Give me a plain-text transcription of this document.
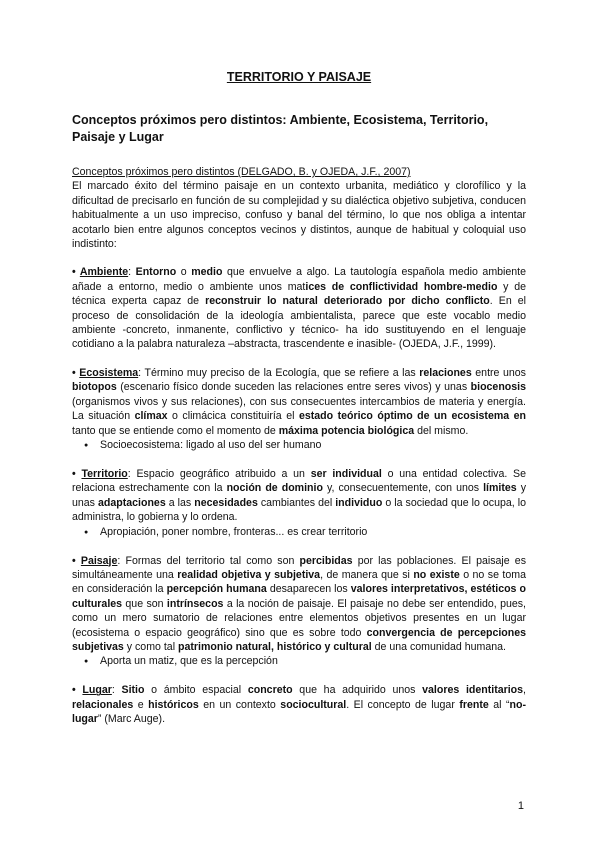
TERRITORIO Y PAISAJE
Conceptos próximos pero distintos: Ambiente, Ecosistema, Territorio, Paisaje y Lugar

Conceptos próximos pero distintos (DELGADO, B. y OJEDA, J.F., 2007)

El marcado éxito del término paisaje en un contexto urbanita, mediático y clorofílico y la dificultad de precisarlo en función de su complejidad y su dialéctica objetivo subjetiva, conducen habitualmente a un uso impreciso, confuso y banal del término, lo que nos obliga a intentar acotarlo bien entre algunos conceptos vecinos y distintos, aunque de habitual y coloquial uso indistinto:

• Ambiente: Entorno o medio que envuelve a algo. La tautología española medio ambiente añade a entorno, medio o ambiente unos matices de conflictividad hombre-medio y de técnica experta capaz de reconstruir lo natural deteriorado por dicho conflicto. En el proceso de consolidación de la ideología ambientalista, parece que este vocablo medio ambiente -concreto, inmanente, conflictivo y técnico- ha ido sustituyendo en el lenguaje cotidiano a la palabra naturaleza –abstracta, trascendente e inasible- (OJEDA, J.F., 1999).

• Ecosistema: Término muy preciso de la Ecología, que se refiere a las relaciones entre unos biotopos (escenario físico donde suceden las relaciones entre seres vivos) y unas biocenosis (organismos vivos y sus relaciones), con sus consecuentes intercambios de materia y energía. La situación clímax o climácica constituiría el estado teórico óptimo de un ecosistema en tanto que se entiende como el momento de máxima potencia biológica del mismo.

● Socioecosistema: ligado al uso del ser humano

• Territorio: Espacio geográfico atribuido a un ser individual o una entidad colectiva. Se relaciona estrechamente con la noción de dominio y, consecuentemente, con unos límites y unas adaptaciones a las necesidades cambiantes del individuo o la sociedad que lo ocupa, lo administra, lo gobierna y lo ordena.

● Apropiación, poner nombre, fronteras... es crear territorio

• Paisaje: Formas del territorio tal como son percibidas por las poblaciones. El paisaje es simultáneamente una realidad objetiva y subjetiva, de manera que si no existe o no se toma en consideración la percepción humana desaparecen los valores interpretativos, estéticos o culturales que son intrínsecos a la noción de paisaje. El paisaje no debe ser entendido, pues, como un mero sumatorio de relaciones entre elementos objetivos presentes en un lugar (ecosistema o espacio geográfico) sino que es sobre todo convergencia de percepciones subjetivas y como tal patrimonio natural, histórico y cultural de una comunidad humana.

● Aporta un matiz, que es la percepción

• Lugar: Sitio o ámbito espacial concreto que ha adquirido unos valores identitarios, relacionales e históricos en un contexto sociocultural. El concepto de lugar frente al “no-lugar” (Marc Auge).

1
